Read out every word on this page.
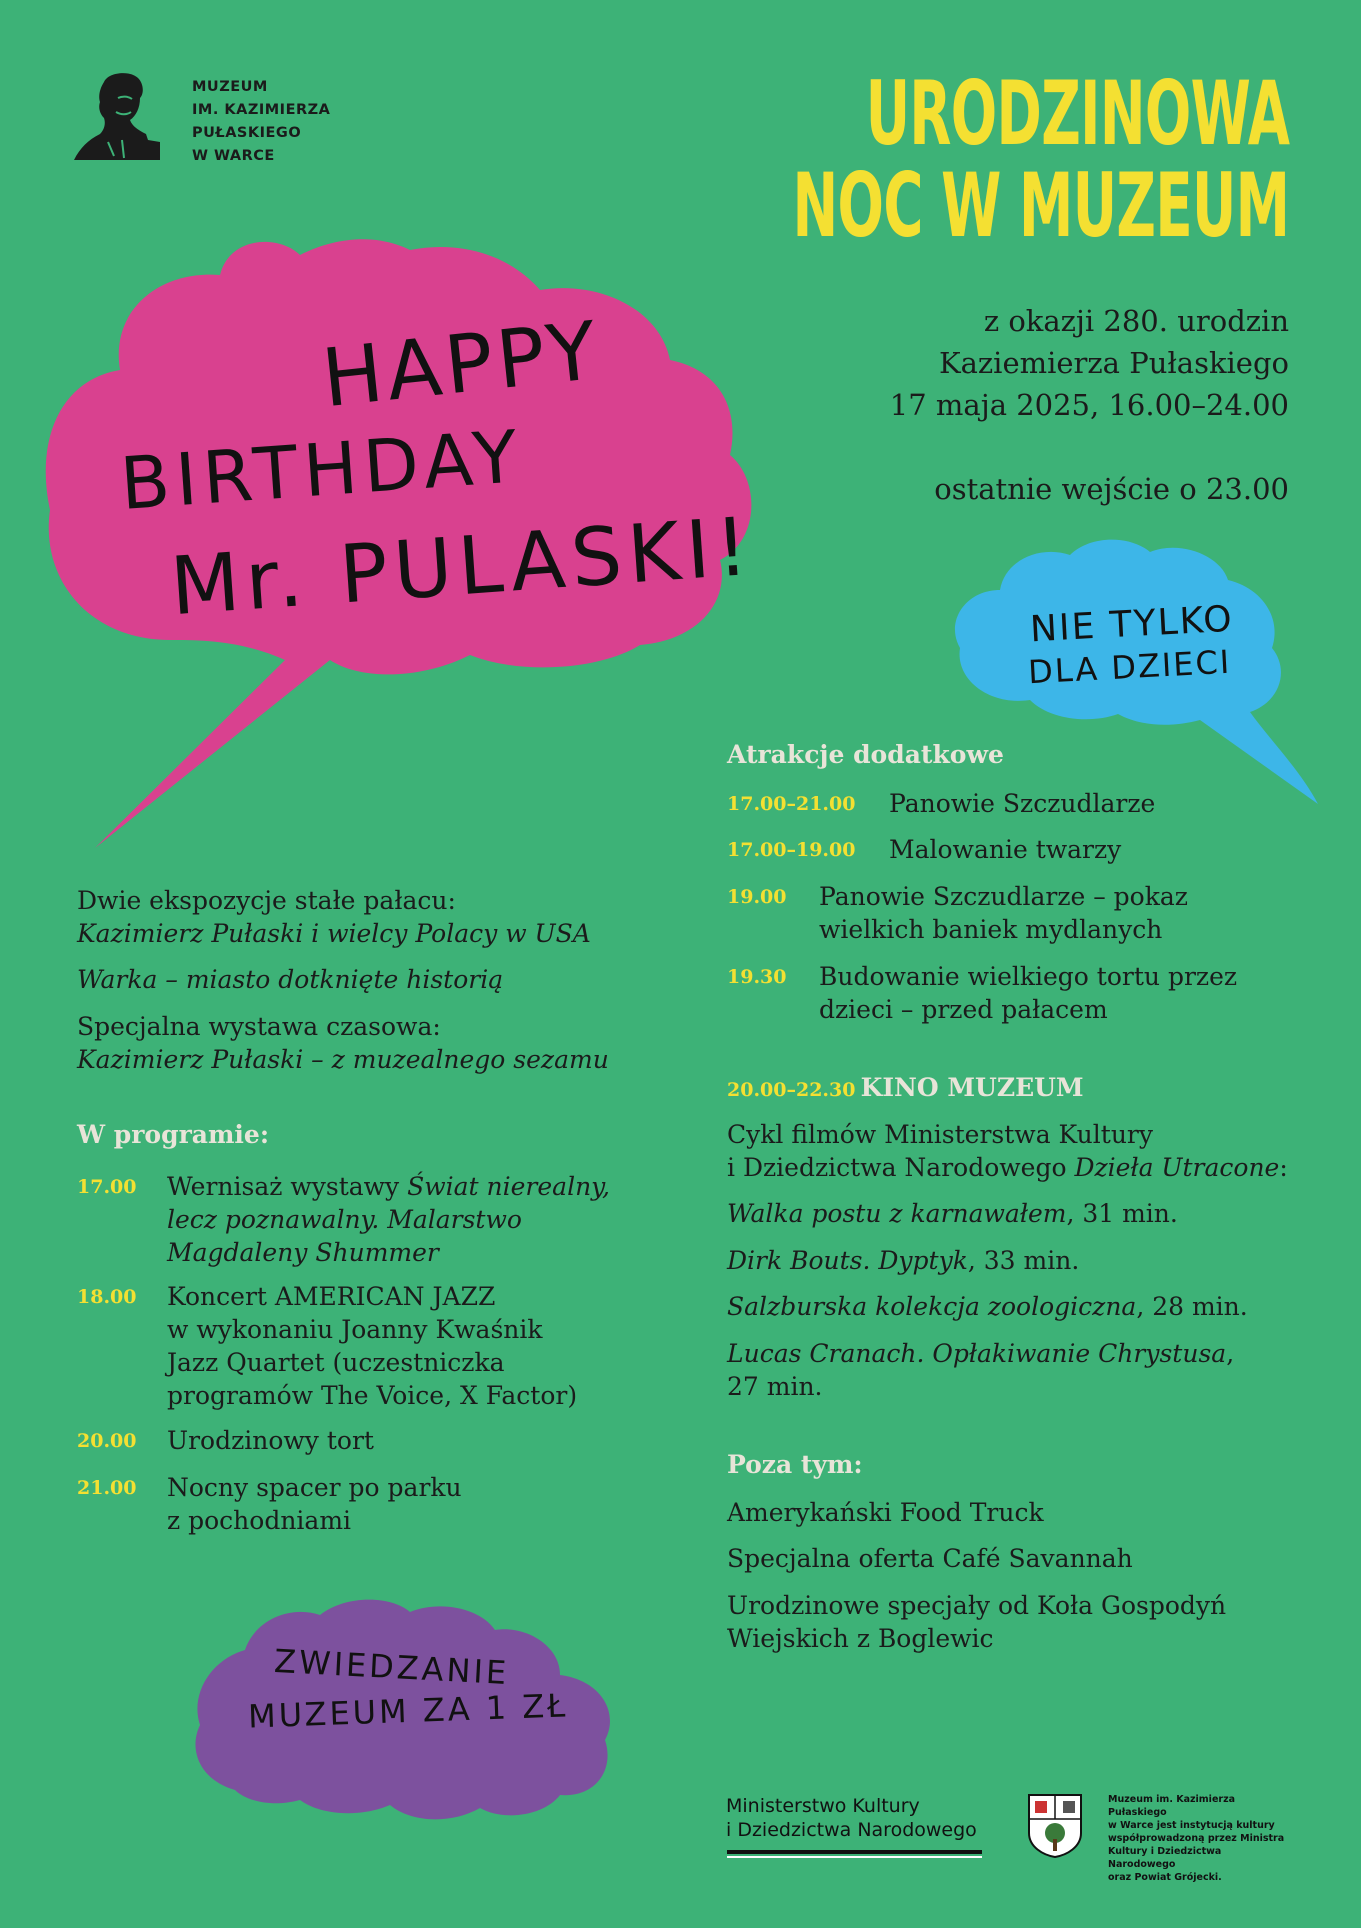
MUZEUM
IM. KAZIMIERZA
PUŁASKIEGO
W WARCE	URODZINOWA
NOC W MUZEUM
z okazji 280. urodzin
Kaziemierza Pułaskiego
17 maja 2025, 16.00–24.00
ostatnie wejście o 23.00
HAPPY
BIRTHDAY
Mr. PULASKI!	NIE TYLKO
DLA DZIECI
ZWIEDZANIE
MUZEUM ZA 1 ZŁ
Dwie ekspozycje stałe pałacu:
Kazimierz Pułaski i wielcy Polacy w USA
Warka – miasto dotknięte historią
Specjalna wystawa czasowa:
Kazimierz Pułaski – z muzealnego sezamu
W programie:
17.00 Wernisaż wystawy Świat nierealny,
lecz poznawalny. Malarstwo
Magdaleny Shummer
18.00 Koncert AMERICAN JAZZ
w wykonaniu Joanny Kwaśnik
Jazz Quartet (uczestniczka
programów The Voice, X Factor)
20.00 Urodzinowy tort
21.00 Nocny spacer po parku
z pochodniami
Atrakcje dodatkowe
17.00–21.00 Panowie Szczudlarze
17.00–19.00 Malowanie twarzy
19.00 Panowie Szczudlarze – pokaz
wielkich baniek mydlanych
19.30 Budowanie wielkiego tortu przez
dzieci – przed pałacem
20.00–22.30 KINO MUZEUM
Cykl filmów Ministerstwa Kultury
i Dziedzictwa Narodowego Dzieła Utracone:
Walka postu z karnawałem, 31 min.
Dirk Bouts. Dyptyk, 33 min.
Salzburska kolekcja zoologiczna, 28 min.
Lucas Cranach. Opłakiwanie Chrystusa,
27 min.
Poza tym:
Amerykański Food Truck
Specjalna oferta Café Savannah
Urodzinowe specjały od Koła Gospodyń
Wiejskich z Boglewic
Ministerstwo Kultury
i Dziedzictwa Narodowego
Muzeum im. Kazimierza Pułaskiego
w Warce jest instytucją kultury
współprowadzoną przez Ministra
Kultury i Dziedzictwa Narodowego
oraz Powiat Grójecki.
